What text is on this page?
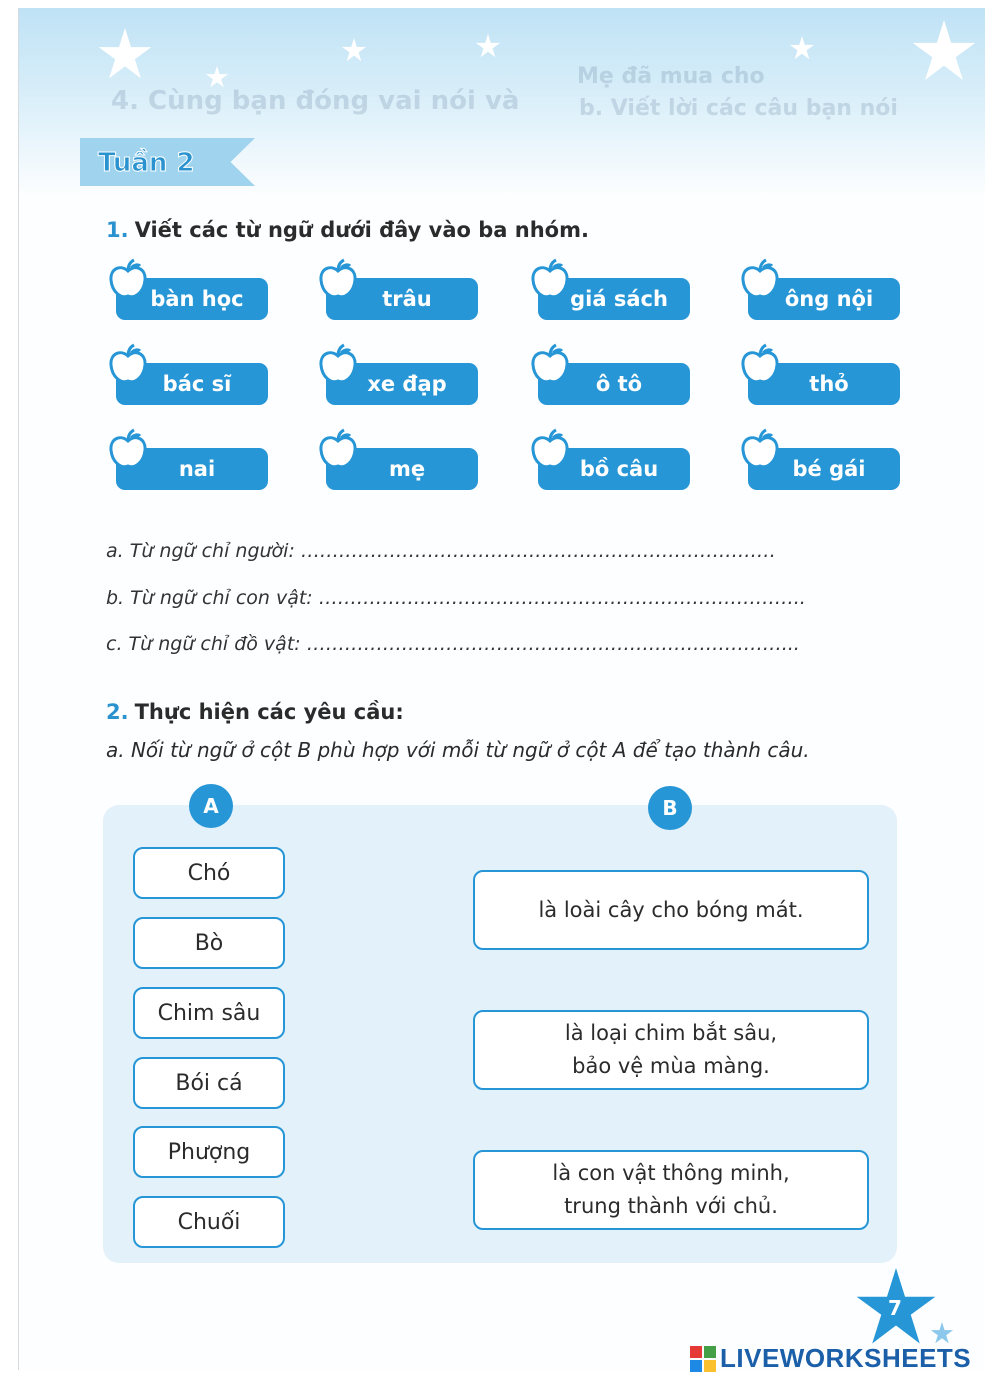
4. Cùng bạn đóng vai nói và
Mẹ đã mua cho
b. Viết lời các câu bạn nói
Tuần 2
1. Viết các từ ngữ dưới đây vào ba nhóm.
bàn học	trâu	giá sách	ông nội
bác sĩ	xe đạp	ô tô	thỏ
nai	mẹ	bồ câu	bé gái
a. Từ ngữ chỉ người: …………………………………………………………………
b. Từ ngữ chỉ con vật: …………………………………………………………………..
c. Từ ngữ chỉ đồ vật: …………………………………………………………………...
2. Thực hiện các yêu cầu:
a. Nối từ ngữ ở cột B phù hợp với mỗi từ ngữ ở cột A để tạo thành câu.
A	B
Chó
Bò
Chim sâu
Bói cá
Phượng
Chuối
là loài cây cho bóng mát.
là loại chim bắt sâu,
bảo vệ mùa màng.
là con vật thông minh,
trung thành với chủ.
7
LIVEWORKSHEETS
